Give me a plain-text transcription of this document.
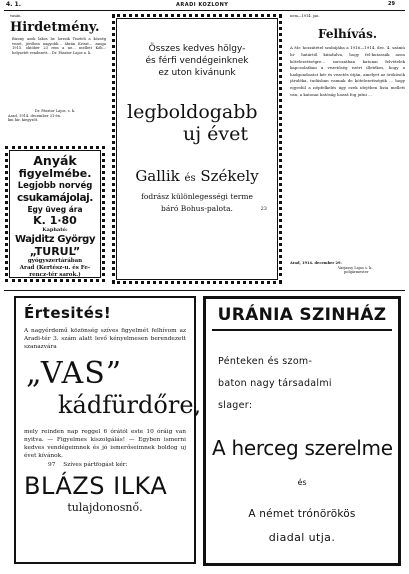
4. 1.	ARADI KOZLONY	29
vasán.
Hirdetmény.
Bizony azok lakos he lorzsik Tiszteli a község vezet, jövőben nagyobb... ábrán Kriszt... zanga 1915. október 23 rem a ne... mellett Kóh... helyzetét rendezett... Dr. Pásztor Lajos a. k.
Dr. Pásztor Lajos, s. k.
Arad, 1914. december 31-én.
km hir. kiegyzőt.
Anyák
figyelmébe.
Legjobb norvég
csukamájolaj.
Egy üveg ára
K. 1·80
Kapható:
Wajditz György
„TURUL”
gyógyszertárában
Arad (Kertész-u. és Fe-
rencz-tér sarok.)
Összes kedves hölgy-
és férfi vendégeinknek
ez uton kivánunk
legboldogabb
uj évet
Gallik és Székely
fodrász különlegességi terme
báró Bohus-palota.	23
nem—1914. jan.
Felhívás.
A Mr. hozzátétel szobájába a 1916—1914. dec. 4. számú hi- határtól kiindulva, hogy fel-kutassák azon kötelezettségre... sorozatban katonai felvételek kapcsolatban a vezetőség ezért illetékes, hogy a hadgondozást kér és vezetés útján, amelyet az örökösök járuléka, tudásban vannak de kötelezettségük ... hogy egyedül a népfelkelés ügy ezek idejében lista mellett van, a katonai hatóság hozzá fog jutni ...
Arad, 1914. december 29.
Varjassy Lajos s. k.
polgármester
Értesités!
A nagyérdemű közönség szíves figyelmét felhívom az Aradi-tér 3. szám alatt levő kényelmesen berendezett szanazvára
„VAS”
kádfürdőre,
mely reinden nap reggel 6 órától este 10 óráig van nyitva. — Figyelmes kiszolgálás! — Egyben ismerni kedves vendégeimnek és jó ismerőseimnek boldog uj évet kívánok.
97 Szíves pártfogást kér:
BLÁZS ILKA
tulajdonosnő.
URÁNIA SZINHÁZ
Pénteken és szom-
baton nagy társadalmi
slager:
A herceg szerelme
és
A német trónörökös
diadal utja.
